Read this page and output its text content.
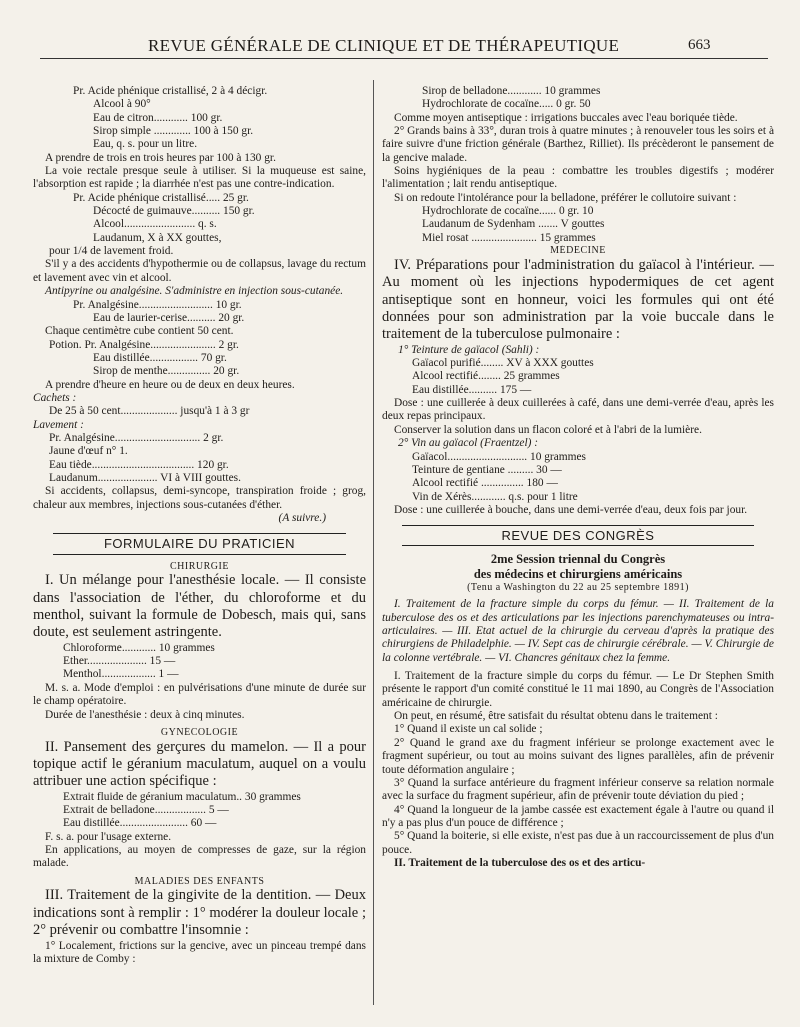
REVUE GÉNÉRALE DE CLINIQUE ET DE THÉRAPEUTIQUE	663
Pr. Acide phénique cristallisé, 2 à 4 décigr.
Alcool à 90°
Eau de citron............ 100 gr.
Sirop simple ............. 100 à 150 gr.
Eau, q. s. pour un litre.
A prendre de trois en trois heures par 100 à 130 gr.
La voie rectale presque seule à utiliser. Si la muqueuse est saine, l'absorption est rapide ; la diarrhée n'est pas une contre-indication.
Pr. Acide phénique cristallisé..... 25 gr.
Décocté de guimauve.......... 150 gr.
Alcool......................... q. s.
Laudanum, X à XX gouttes,
pour 1/4 de lavement froid.
S'il y a des accidents d'hypothermie ou de collapsus, lavage du rectum et lavement avec vin et alcool.
Antipyrine ou analgésine. S'administre en injection sous-cutanée.
Pr. Analgésine.......................... 10 gr.
Eau de laurier-cerise.......... 20 gr.
Chaque centimètre cube contient 50 cent.
Potion. Pr. Analgésine....................... 2 gr.
Eau distillée................. 70 gr.
Sirop de menthe............... 20 gr.
A prendre d'heure en heure ou de deux en deux heures.
Cachets :
De 25 à 50 cent.................... jusqu'à 1 à 3 gr
Lavement :
Pr. Analgésine.............................. 2 gr.
Jaune d'œuf n° 1.
Eau tiède.................................... 120 gr.
Laudanum..................... VI à VIII gouttes.
Si accidents, collapsus, demi-syncope, transpiration froide ; grog, chaleur aux membres, injections sous-cutanées d'éther.
(A suivre.)
FORMULAIRE DU PRATICIEN
CHIRURGIE
I. Un mélange pour l'anesthésie locale. — Il consiste dans l'association de l'éther, du chloroforme et du menthol, suivant la formule de Dobesch, mais qui, sans doute, est seulement astringente.
Chloroforme............ 10 grammes
Ether..................... 15 —
Menthol................... 1 —
M. s. a. Mode d'emploi : en pulvérisations d'une minute de durée sur le champ opératoire.
Durée de l'anesthésie : deux à cinq minutes.
GYNÉCOLOGIE
II. Pansement des gerçures du mamelon. — Il a pour topique actif le géranium maculatum, auquel on a voulu attribuer une action spécifique :
Extrait fluide de géranium maculatum.. 30 grammes
Extrait de belladone.................. 5 —
Eau distillée........................ 60 —
F. s. a. pour l'usage externe.
En applications, au moyen de compresses de gaze, sur la région malade.
MALADIES DES ENFANTS
III. Traitement de la gingivite de la dentition. — Deux indications sont à remplir : 1° modérer la douleur locale ; 2° prévenir ou combattre l'insomnie :
1° Localement, frictions sur la gencive, avec un pinceau trempé dans la mixture de Comby :
Sirop de belladone............ 10 grammes
Hydrochlorate de cocaïne..... 0 gr. 50
Comme moyen antiseptique : irrigations buccales avec l'eau boriquée tiède.
2° Grands bains à 33°, duran trois à quatre minutes ; à renouveler tous les soirs et à faire suivre d'une friction générale (Barthez, Rilliet). Ils précèderont le pansement de la gencive malade.
Soins hygiéniques de la peau : combattre les troubles digestifs ; modérer l'alimentation ; lait rendu antiseptique.
Si on redoute l'intolérance pour la belladone, préférer le collutoire suivant :
Hydrochlorate de cocaïne...... 0 gr. 10
Laudanum de Sydenham ....... V gouttes
Miel rosat ....................... 15 grammes
MÉDECINE
IV. Préparations pour l'administration du gaïacol à l'intérieur. — Au moment où les injections hypodermiques de cet agent antiseptique sont en honneur, voici les formules qui ont été données pour son administration par la voie buccale dans le traitement de la tuberculose pulmonaire :
1° Teinture de gaïacol (Sahli) :
Gaïacol purifié........ XV à XXX gouttes
Alcool rectifié........ 25 grammes
Eau distillée.......... 175 —
Dose : une cuillerée à deux cuillerées à café, dans une demi-verrée d'eau, après les deux repas principaux.
Conserver la solution dans un flacon coloré et à l'abri de la lumière.
2° Vin au gaïacol (Fraentzel) :
Gaïacol............................ 10 grammes
Teinture de gentiane ......... 30 —
Alcool rectifié ............... 180 —
Vin de Xérès............ q.s. pour 1 litre
Dose : une cuillerée à bouche, dans une demi-verrée d'eau, deux fois par jour.
REVUE DES CONGRÈS
2me Session triennal du Congrès
des médecins et chirurgiens américains
(Tenu a Washington du 22 au 25 septembre 1891)
I. Traitement de la fracture simple du corps du fémur. — II. Traitement de la tuberculose des os et des articulations par les injections parenchymateuses ou intra-articulaires. — III. Etat actuel de la chirurgie du cerveau d'après la pratique des chirurgiens de Philadelphie. — IV. Sept cas de chirurgie cérébrale. — V. Chirurgie de la colonne vertébrale. — VI. Chancres génitaux chez la femme.
I. Traitement de la fracture simple du corps du fémur. — Le Dr Stephen Smith présente le rapport d'un comité constitué le 11 mai 1890, au Congrès de l'Association américaine de chirurgie.
On peut, en résumé, être satisfait du résultat obtenu dans le traitement :
1° Quand il existe un cal solide ;
2° Quand le grand axe du fragment inférieur se prolonge exactement avec le fragment supérieur, ou tout au moins suivant des lignes parallèles, afin de prévenir toute déformation angulaire ;
3° Quand la surface antérieure du fragment inférieur conserve sa relation normale avec la surface du fragment supérieur, afin de prévenir toute déviation du pied ;
4° Quand la longueur de la jambe cassée est exactement égale à l'autre ou quand il n'y a pas plus d'un pouce de différence ;
5° Quand la boiterie, si elle existe, n'est pas due à un raccourcissement de plus d'un pouce.
II. Traitement de la tuberculose des os et des articu-
